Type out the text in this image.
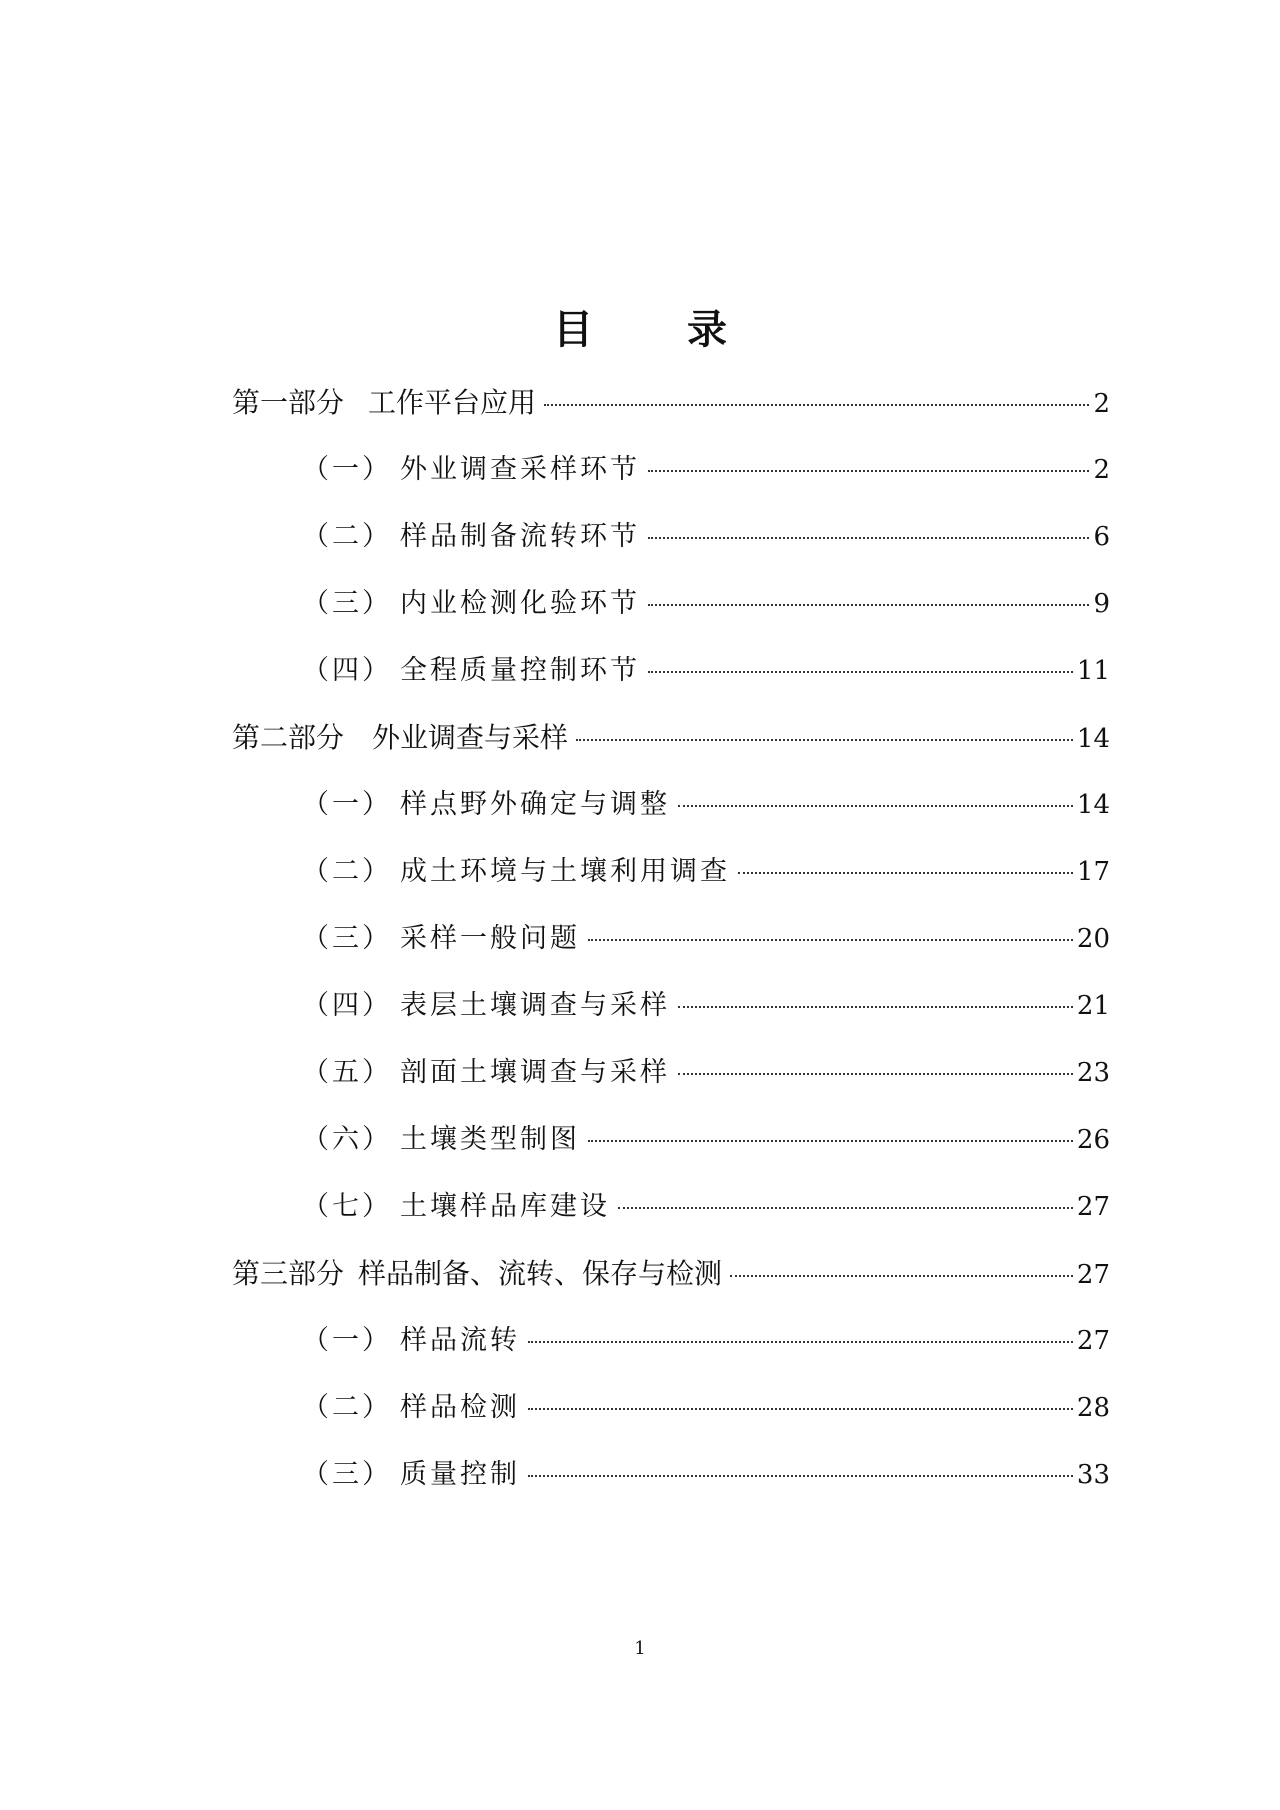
目 录
第一部分 工作平台应用	2
（一） 外业调查采样环节	2
（二） 样品制备流转环节	6
（三） 内业检测化验环节	9
（四） 全程质量控制环节	11
第二部分 外业调查与采样	14
（一） 样点野外确定与调整	14
（二） 成土环境与土壤利用调查	17
（三） 采样一般问题	20
（四） 表层土壤调查与采样	21
（五） 剖面土壤调查与采样	23
（六） 土壤类型制图	26
（七） 土壤样品库建设	27
第三部分 样品制备、流转、保存与检测	27
（一） 样品流转	27
（二） 样品检测	28
（三） 质量控制	33
1
